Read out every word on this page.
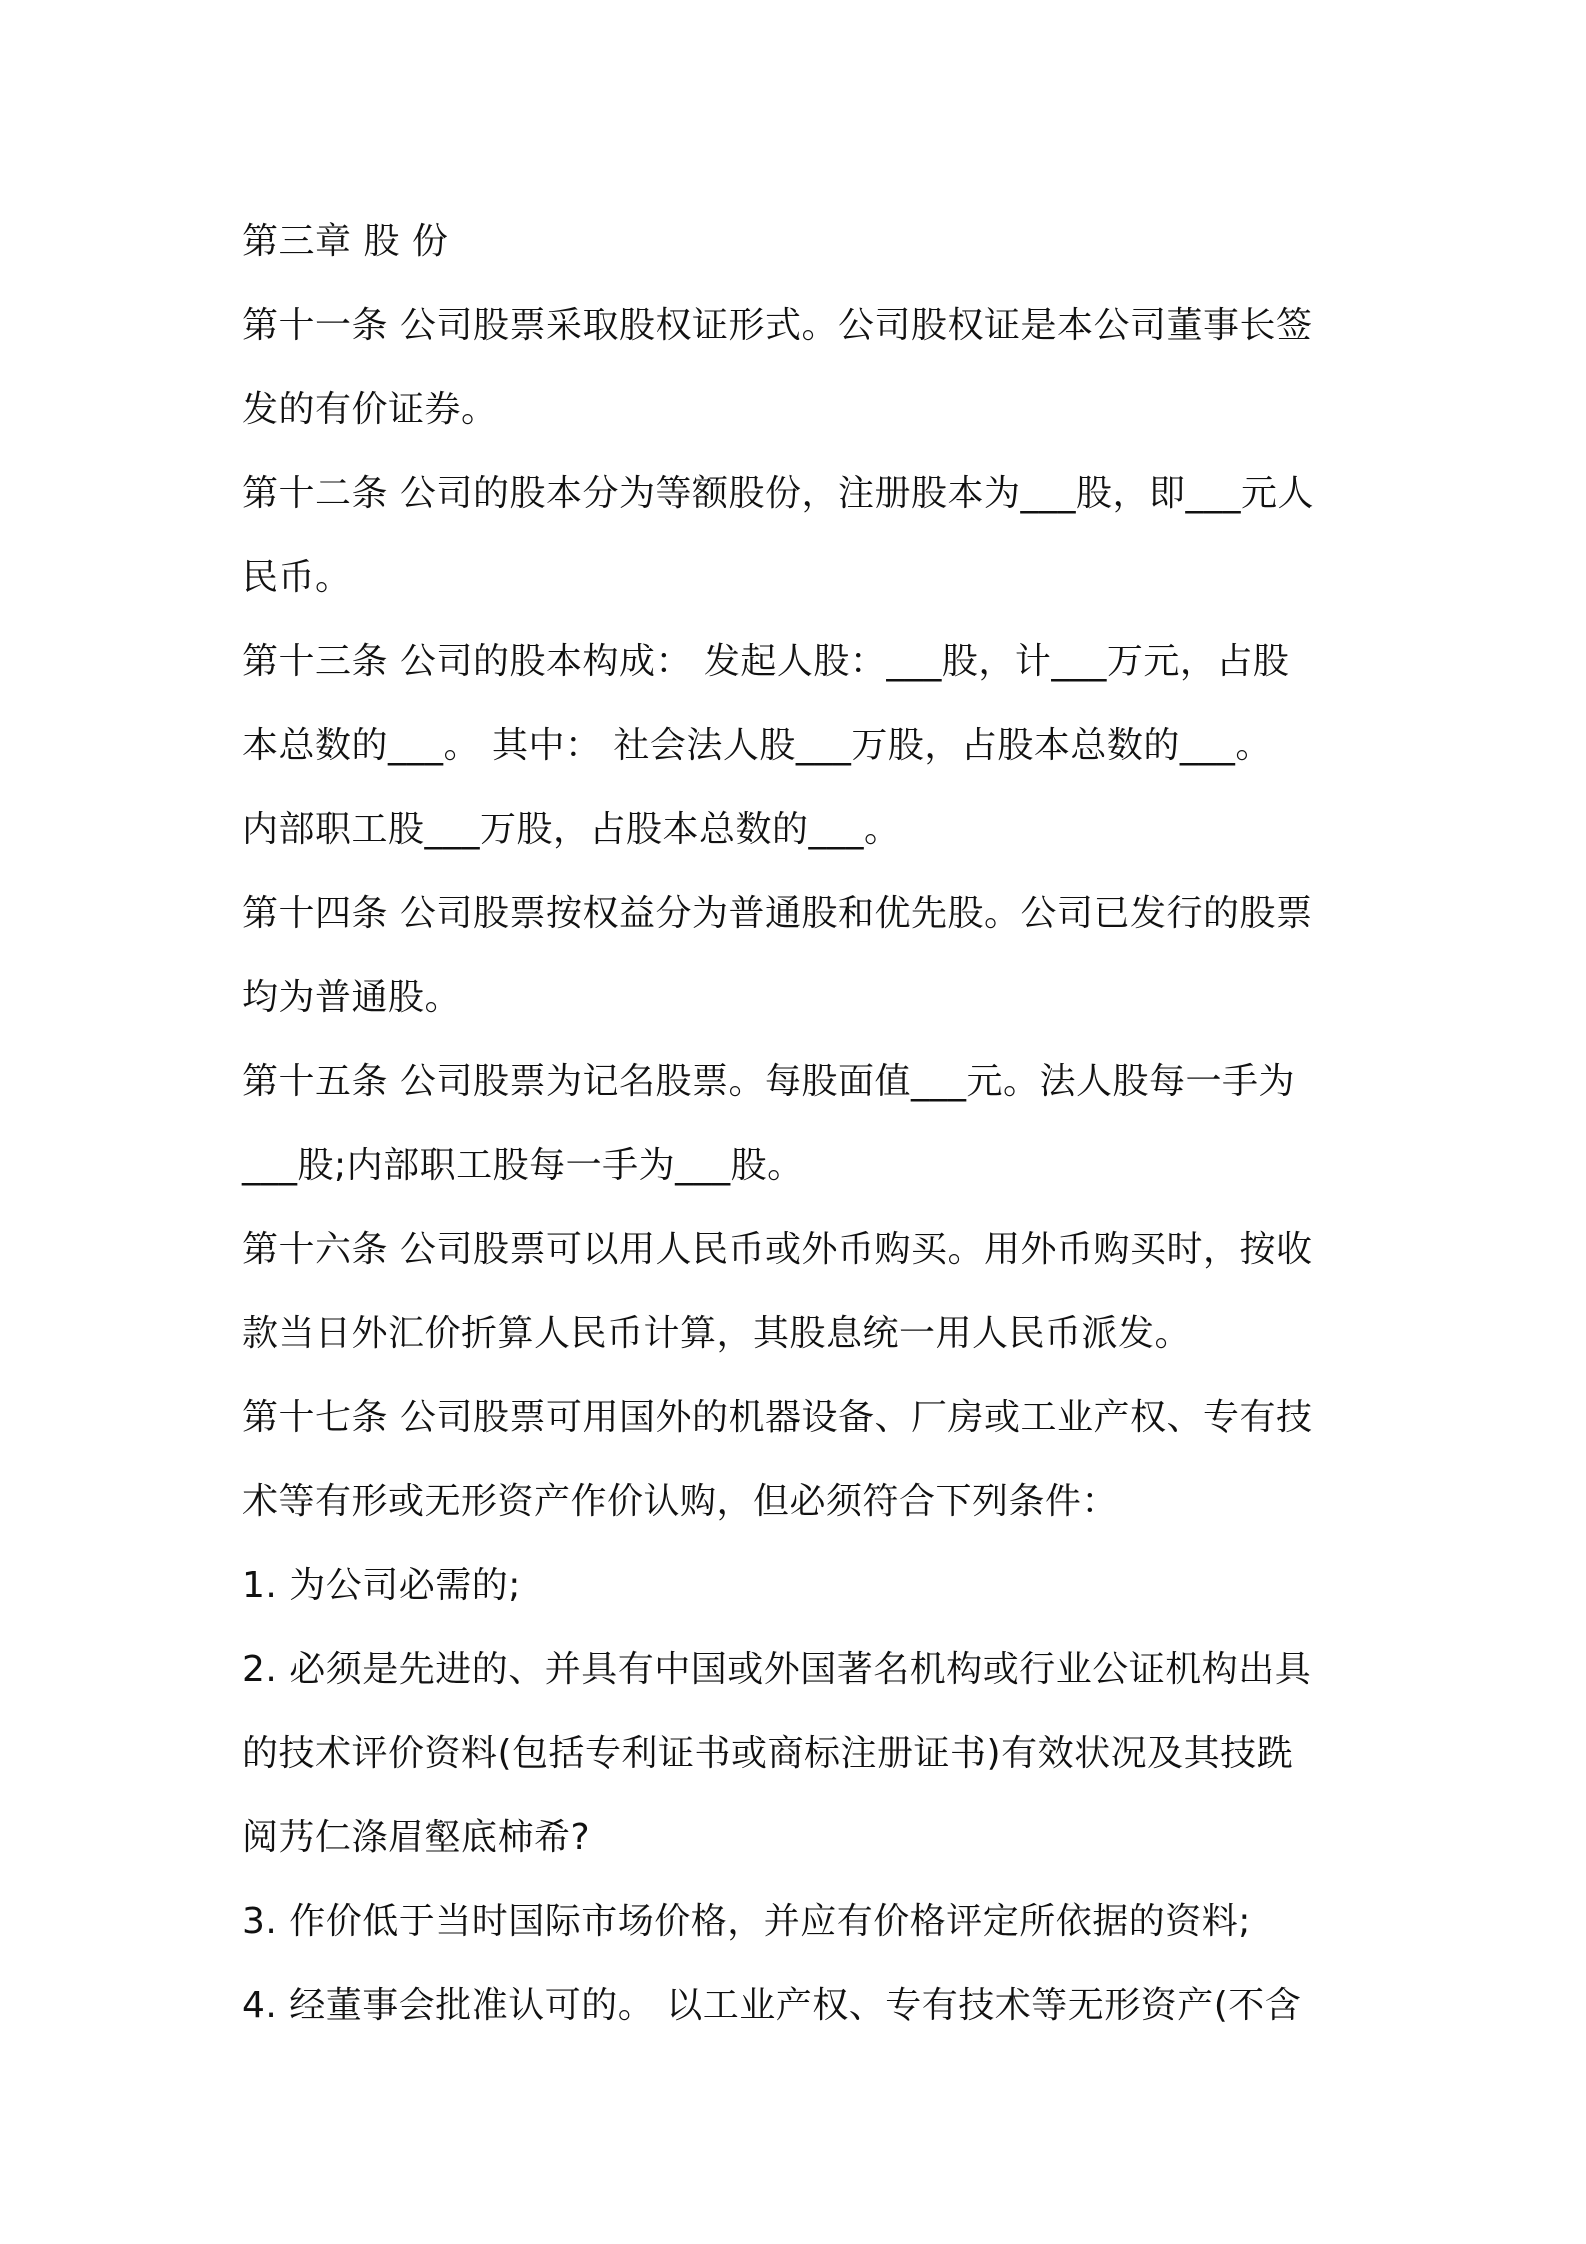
第三章 股 份
第十一条 公司股票采取股权证形式。公司股权证是本公司董事长签
发的有价证券。
第十二条 公司的股本分为等额股份，注册股本为___股，即___元人
民币。
第十三条 公司的股本构成： 发起人股：___股，计___万元，占股
本总数的___。 其中： 社会法人股___万股，占股本总数的___。
内部职工股___万股，占股本总数的___。
第十四条 公司股票按权益分为普通股和优先股。公司已发行的股票
均为普通股。
第十五条 公司股票为记名股票。每股面值___元。法人股每一手为
___股;内部职工股每一手为___股。
第十六条 公司股票可以用人民币或外币购买。用外币购买时，按收
款当日外汇价折算人民币计算，其股息统一用人民币派发。
第十七条 公司股票可用国外的机器设备、厂房或工业产权、专有技
术等有形或无形资产作价认购，但必须符合下列条件：
1. 为公司必需的;
2. 必须是先进的、并具有中国或外国著名机构或行业公证机构出具
的技术评价资料(包括专利证书或商标注册证书)有效状况及其技跣
阅艿仁涤眉壑底柿希?
3. 作价低于当时国际市场价格，并应有价格评定所依据的资料;
4. 经董事会批准认可的。 以工业产权、专有技术等无形资产(不含
